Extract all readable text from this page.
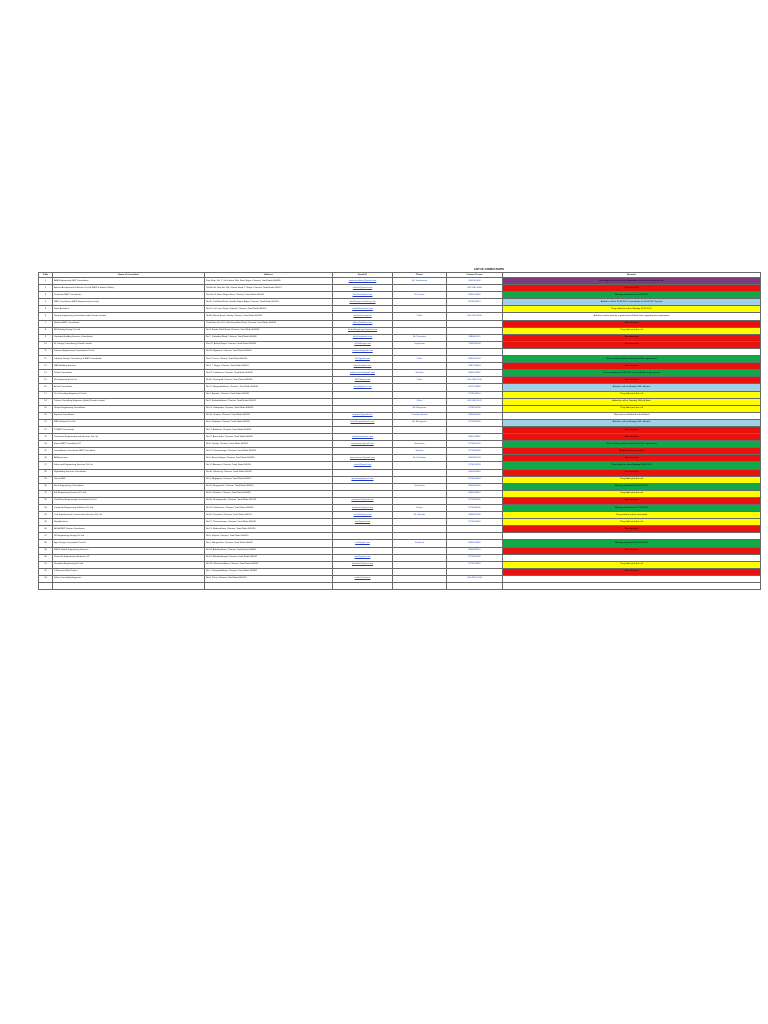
LIST OF CONSULTANTS
S.No	Name of Consultant	Address	Email ID	Phone	Contact Person	Remarks
1	ABM Engineering MEP Consultants	First Floor, No. 7, Sri Krishna Villa, Ram Nagar, Chennai, Tamil Nadu 600088	abmconsultants@gmail.com	Mr. Venkatesan	9841001000	Not ready for discussion, no requirement now, told to follow up later
2	Aakash Architectural & Electric Pvt Ltd (MEP & Interior Works)	Old No.58, New No.135, Usman Road, T. Nagar, Chennai, Tamil Nadu 600017	aakash@gmail.com		044 2434 5566	Not interested
3	Kusthalan MEP Consultants	Plot No.12, Anna Nagar West, Chennai, Tamil Nadu 600040	info@kusthalan.com	Mr. Kumar	9840123456	Meeting scheduled on 20.06.2017
4	MEP Consultancy (MEP Engineering services)	No.45, 2nd Main Road, Gandhi Nagar, Adyar, Chennai, Tamil Nadu 600020	info@mepconsultancy.com		9876543210	Asked to call on 25.06.2017, sent details on 20.06.2017 by mail
5	Ideas Architects	No.10, 1st Cross Street, Kilpauk, Chennai, Tamil Nadu 600010	mail@ideasarch.com			They asked to call on Monday 26.06.2017
6	Sunpro Engineering Consultants India Private Limited	No.88, Mount Road, Guindy, Chennai, Tamil Nadu 600032	contact@sunpro.in	Office	044 2250 4500	Asked to send a brief for a quote and call back later regarding the requirement
7	Ekdisha MEP Consultants	Third Floor, No.101, Velachery Main Road, Chennai, Tamil Nadu 600042	office@ekdisha.com			Not interested
8	BK Building Design Pvt Ltd	No.3, Sardar Patel Road, Chennai, Tamil Nadu 600085	bk.buildingdesign@gmail.com			They didn't pick the call
9	Vajaindra Building Services Consultants	No.7, Cathedral Road, Chennai, Tamil Nadu 600086	info@vajaindra.com	Mr. Prasanna	9884001122	Not interested
10	SL Design Consultancy Private Limited	Plot 22, Ashok Nagar, Chennai, Tamil Nadu 600083	sl@sldesign.com	Jeyakumar	9765432100	Not interested
11	Innovent Engineering Consultants Pvt Ltd	No.19, Mylapore, Chennai, Tamil Nadu 600004	innovent@gmail.com			
12	Lakshmi Design Consultancy & MEP Consultants	Plot 5, Porur, Chennai, Tamil Nadu 600116	ldc@gmail.com	Office	9840001234	Got a meeting today and discussed the requirement
13	MEP Building Services	No.4, T. Nagar, Chennai, Tamil Nadu 600017	mep@mepbs.com		9887766554	Not interested
14	Prithvi Consultants	No.23, Tambaram, Chennai, Tamil Nadu 600045	prithviconsult@gmail.com	Srikanth	9843210987	Got a meeting on 22.06.2017, discussed the scope of work
15	3D Engineering Pvt Ltd	No.60, Perungudi, Chennai, Tamil Nadu 600096	3d@3deng.com	Office	044 2496 1100	Not interested
16	Actual Consultants	No.11, Nungambakkam, Chennai, Tamil Nadu 600034	actual@gmail.com		9871234560	Asked to call on Monday, Will call back
17	Pro Consulting Engineers Pvt Ltd	No.2, Egmore, Chennai, Tamil Nadu 600008			9176543210	They didn't pick the call
18	Trishna Consulting Engineers (India) Private Limited	No.9, Kodambakkam, Chennai, Tamil Nadu 600024		Office	044 2483 0011	Asked to call on Tuesday, Will call back
19	Unique Engineering Consultants	No.14, Vadapalani, Chennai, Tamil Nadu 600026		Mr. Bhagavan	9176100200	They didn't pick the call
20	Enprose Consultants	No.34, Chetpet, Chennai, Tamil Nadu 600031	enprose@gmail.com	Chandrasekaran	9840500600	They have not finalized, will call back
21	MEP Infratech Pvt Ltd	No.6, Saidapet, Chennai, Tamil Nadu 600015	infra@mepinfratech.com	Mr. Murugesan	9176300400	Asked to call on Monday, Will call back
22	SJ MEP Consultants	No.17, Ambattur, Chennai, Tamil Nadu 600053				Not interested
23	Paramount Engineering and Services Pvt Ltd	No.77, Anna Salai, Chennai, Tamil Nadu 600002	info@paramount.com		9841234987	Not interested
24	Expert MEP Consulting LLP	No.8, Guindy, Chennai, Tamil Nadu 600032	expertmep@gmail.com	Rajendran	9176500700	Got a meeting today and discussed the requirement
25	Jeevadhaara Consultants MEP Consultant	No.21, Thiruvanmiyur, Chennai, Tamil Nadu 600041		Santosh	9176800900	Need to call on next week
26	AB Associates	No.5, Besant Nagar, Chennai, Tamil Nadu 600090	abassociates@gmail.com	Mr. Parthiban	9840900100	Not interested
27	Sulan and Engineering Services Pvt Ltd	No.12, Alwarpet, Chennai, Tamil Nadu 600018	sulan@gmail.com		9176010203	They asked to call on Monday 26.06.2017
28	Skybuilding Services Consultants	No.40, Velachery, Chennai, Tamil Nadu 600042			9840304050	Not interested
29	Green MEP	No.3, Mogappair, Chennai, Tamil Nadu 600037	greenmep@gmail.com		9176020304	They didn't pick the call
30	Rose Engineering Consultants	No.26, Royapettah, Chennai, Tamil Nadu 600014		Sivakumar	9840405060	Meeting scheduled on 20.06.2017
31	A K Engineering Services Pvt Ltd	No.15, Kolathur, Chennai, Tamil Nadu 600099			9840506070	They didn't pick the call
32	VinePlanet Engineering Consultants Pvt Ltd	No.30, Sholinganallur, Chennai, Tamil Nadu 600119	vineplanet@gmail.com		9176030405	Not interested
33	Landmark Engineering Solutions Pvt Ltd	No.18, Pallavaram, Chennai, Tamil Nadu 600043	landmark@gmail.com	Kumar	9176040506	Meeting scheduled on 21.06.2017
34	Tark Engineering & Construction Services Pvt Ltd	No.50, Perambur, Chennai, Tamil Nadu 600011	tark@tarkeng.com	Ms. Revathi	9840607080	They asked to call on next week
35	Ray Architects	No.27, Thiruvanmiyur, Chennai, Tamil Nadu 600041	ray@gmail.com		9176050607	They didn't pick the call
36	ADSA MEP Design Consultants	No.11, Medavakkam, Chennai, Tamil Nadu 600100				Not interested
37	SK Engineering Design Pvt Ltd	No.9, Kilpauk, Chennai, Tamil Nadu 600010				
38	Agni Design Consultants Pvt Ltd	No.4, Nanganallur, Chennai, Tamil Nadu 600061	info@agni.com	Santhosh	9840708090	Meeting scheduled on 23.06.2017
39	MEPS Global Engineering Services	No.16, Adambakkam, Chennai, Tamil Nadu 600088			9840809010	Not interested
40	Proactive Engineering Solutions LLP	No.24, Ekkaduthangal, Chennai, Tamil Nadu 600032	pes@gmail.com		9176060708	
41	Dheebatti Engineering Pvt Ltd	No.33, Valasaravakkam, Chennai, Tamil Nadu 600087	dheebatti@gmail.com		9176070809	They didn't pick the call
42	S Dharsana Bee Project	No.7, Virugambakkam, Chennai, Tamil Nadu 600092				Not interested
43	Sakes Consulting Engineers	No.8, Porur, Chennai, Tamil Nadu 600116	sakes@sakes.in		044 4500 1234	
